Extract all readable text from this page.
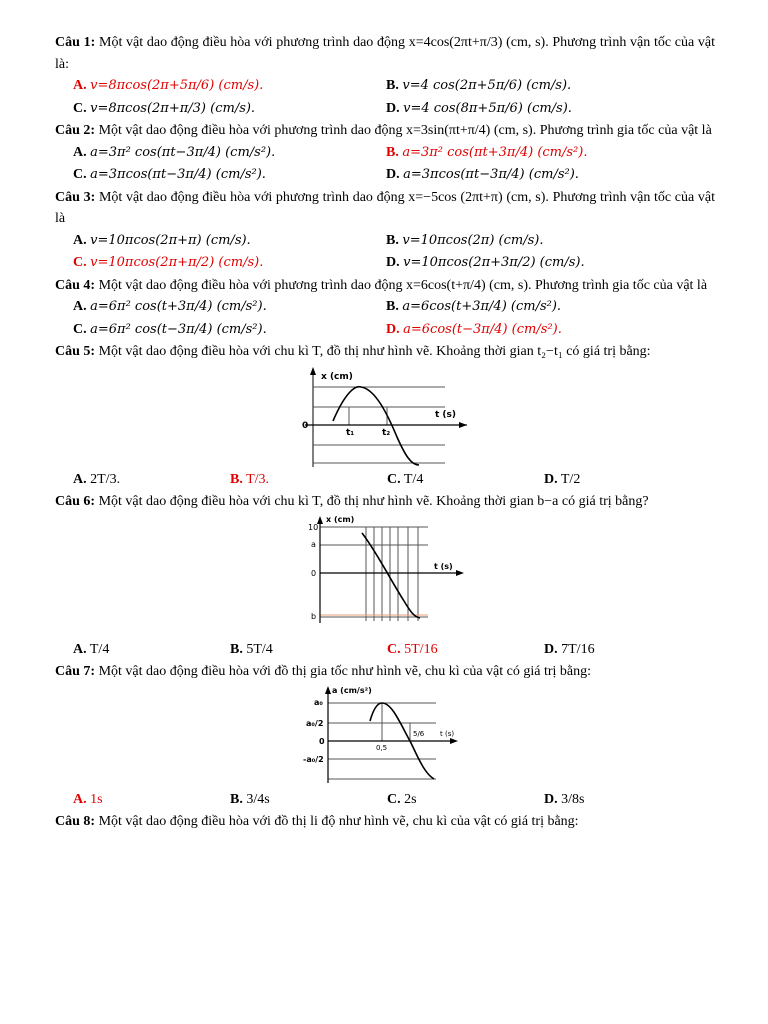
Câu 1: Một vật dao động điều hòa với phương trình dao động x=4cos(2πt+π/3) (cm, s). Phương trình vận tốc của vật là:
A. v=8πcos(2π+5π/6) (cm/s).	B. v=4 cos(2π+5π/6) (cm/s).
C. v=8πcos(2π+π/3) (cm/s).	D. v=4 cos(8π+5π/6) (cm/s).
Câu 2: Một vật dao động điều hòa với phương trình dao động x=3sin(πt+π/4) (cm, s). Phương trình gia tốc của vật là
A. a=3π² cos(πt−3π/4) (cm/s²).	B. a=3π² cos(πt+3π/4) (cm/s²).
C. a=3πcos(πt−3π/4) (cm/s²).	D. a=3πcos(πt−3π/4) (cm/s²).
Câu 3: Một vật dao động điều hòa với phương trình dao động x=−5cos (2πt+π) (cm, s). Phương trình vận tốc của vật là
A. v=10πcos(2π+π) (cm/s).	B. v=10πcos(2π) (cm/s).
C. v=10πcos(2π+π/2) (cm/s).	D. v=10πcos(2π+3π/2) (cm/s).
Câu 4: Một vật dao động điều hòa với phương trình dao động x=6cos(t+π/4) (cm, s). Phương trình gia tốc của vật là
A. a=6π² cos(t+3π/4) (cm/s²).	B. a=6cos(t+3π/4) (cm/s²).
C. a=6π² cos(t−3π/4) (cm/s²).	D. a=6cos(t−3π/4) (cm/s²).
Câu 5: Một vật dao động điều hòa với chu kì T, đồ thị như hình vẽ. Khoảng thời gian t₂−t₁ có giá trị bằng:
x (cm)
t (s)
0
t₁	t₂
A. 2T/3.	B. T/3.	C. T/4	D. T/2
Câu 6: Một vật dao động điều hòa với chu kì T, đồ thị như hình vẽ. Khoảng thời gian b−a có giá trị bằng?
x (cm)
t (s)
10
a
0
b
A. T/4	B. 5T/4	C. 5T/16	D. 7T/16
Câu 7: Một vật dao động điều hòa với đồ thị gia tốc như hình vẽ, chu kì của vật có giá trị bằng:
a (cm/s²)
t (s)
a₀
a₀/2
0
-a₀/2
0,5
5/6
A. 1s	B. 3/4s	C. 2s	D. 3/8s
Câu 8: Một vật dao động điều hòa với đồ thị li độ như hình vẽ, chu kì của vật có giá trị bằng:
